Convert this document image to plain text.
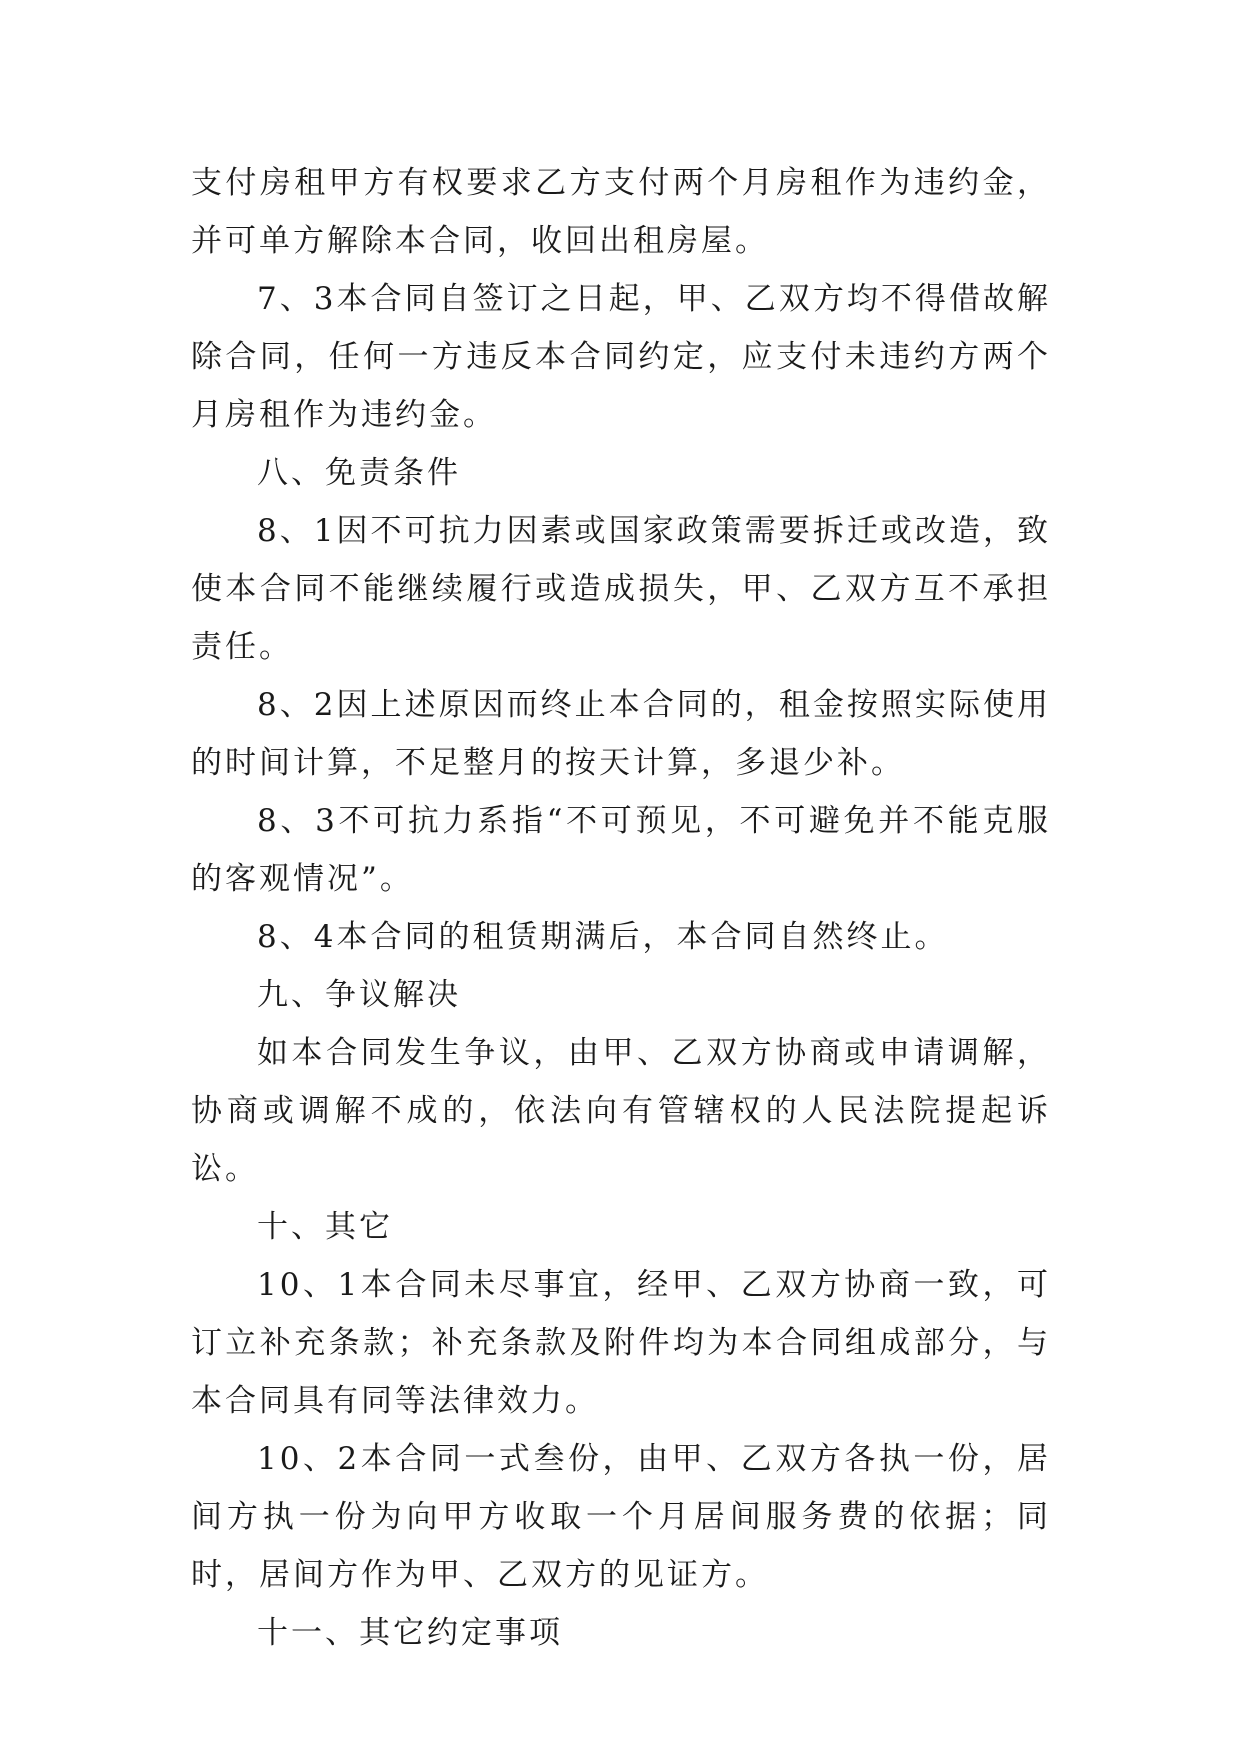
支付房租甲方有权要求乙方支付两个月房租作为违约金，并可单方解除本合同，收回出租房屋。

7、3本合同自签订之日起，甲、乙双方均不得借故解除合同，任何一方违反本合同约定，应支付未违约方两个月房租作为违约金。

八、免责条件

8、1因不可抗力因素或国家政策需要拆迁或改造，致使本合同不能继续履行或造成损失，甲、乙双方互不承担责任。

8、2因上述原因而终止本合同的，租金按照实际使用的时间计算，不足整月的按天计算，多退少补。

8、3不可抗力系指“不可预见，不可避免并不能克服的客观情况”。

8、4本合同的租赁期满后，本合同自然终止。

九、争议解决

如本合同发生争议，由甲、乙双方协商或申请调解，协商或调解不成的，依法向有管辖权的人民法院提起诉讼。

十、其它

10、1本合同未尽事宜，经甲、乙双方协商一致，可订立补充条款；补充条款及附件均为本合同组成部分，与本合同具有同等法律效力。

10、2本合同一式叁份，由甲、乙双方各执一份，居间方执一份为向甲方收取一个月居间服务费的依据；同时，居间方作为甲、乙双方的见证方。

十一、其它约定事项
